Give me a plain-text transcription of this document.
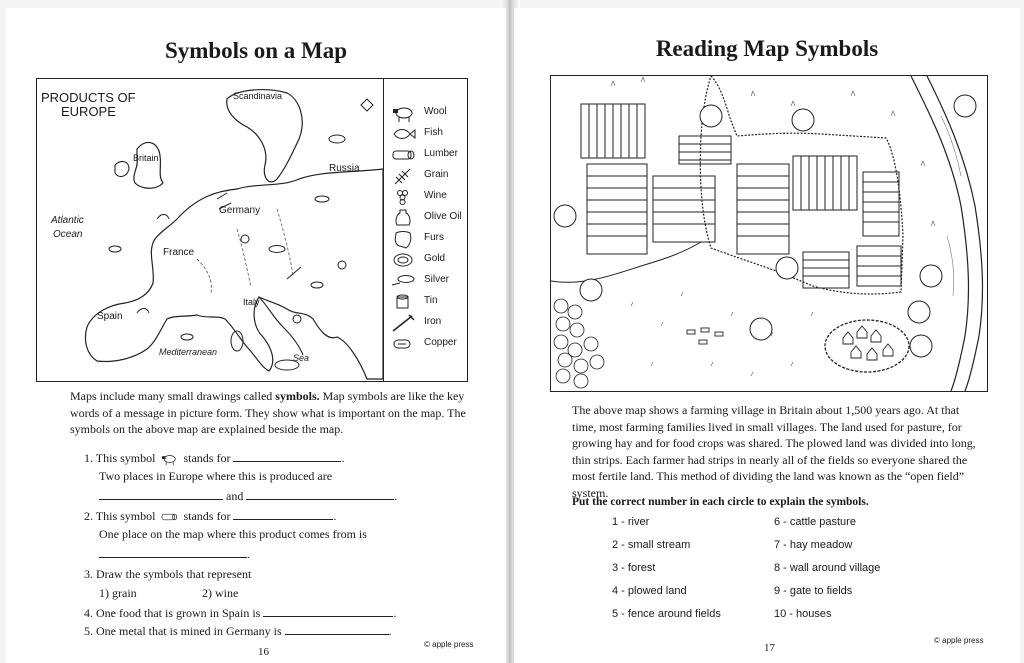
Symbols on a Map
PRODUCTS OF
EUROPE
Scandinavia
Britain
Russia
Atlantic
Ocean
Germany
France
Spain
Italy
Mediterranean
Sea
Wool
Fish
Lumber
Grain
Wine
Olive Oil
Furs
Gold
Silver
Tin
Iron
Copper
Maps include many small drawings called symbols. Map symbols are like the key words of a message in picture form. They show what is important on the map. The symbols on the above map are explained beside the map.
1. This symbol stands for	.
Two places in Europe where this is produced are
and	.
2. This symbol stands for	.
One place on the map where this product comes from is
.
3. Draw the symbols that represent
1) grain	2) wine
4. One food that is grown in Spain is	.
5. One metal that is mined in Germany is	.
16
© apple press
Reading Map Symbols
The above map shows a farming village in Britain about 1,500 years ago. At that time, most farming families lived in small villages. The land used for pasture, for growing hay and for food crops was shared. The plowed land was divided into long, thin strips. Each farmer had strips in nearly all of the fields so everyone shared the most fertile land. This method of dividing the land was known as the “open field” system.
Put the correct number in each circle to explain the symbols.
1 - river
2 - small stream
3 - forest
4 - plowed land
5 - fence around fields
6 - cattle pasture
7 - hay meadow
8 - wall around village
9 - gate to fields
10 - houses
17
© apple press
